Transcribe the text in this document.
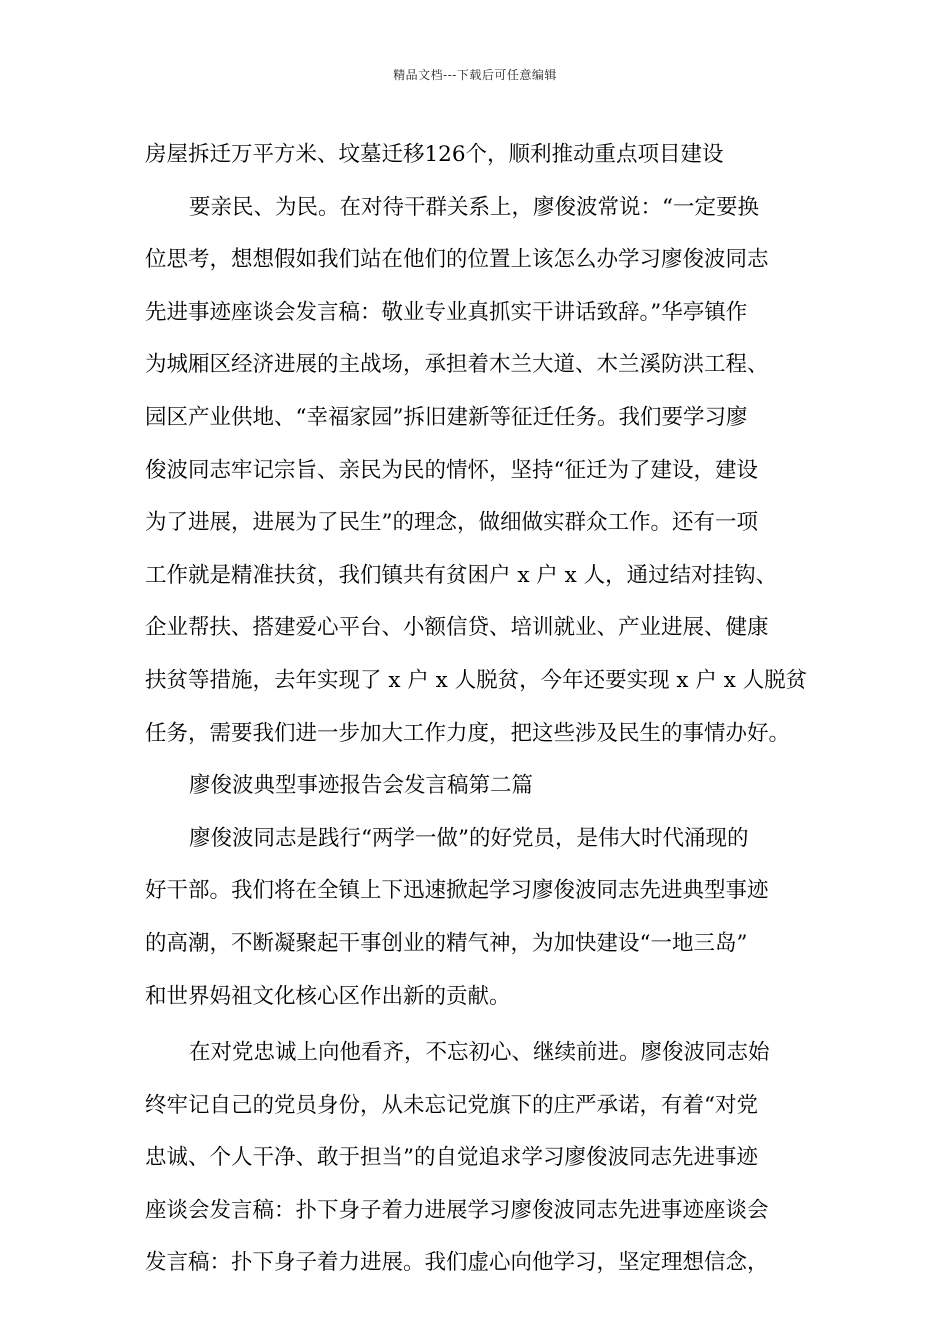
精品文档---下载后可任意编辑
房屋拆迁万平方米、坟墓迁移126个，顺利推动重点项目建设
要亲民、为民。在对待干群关系上，廖俊波常说：“一定要换
位思考，想想假如我们站在他们的位置上该怎么办学习廖俊波同志
先进事迹座谈会发言稿：敬业专业真抓实干讲话致辞。”华亭镇作
为城厢区经济进展的主战场，承担着木兰大道、木兰溪防洪工程、
园区产业供地、“幸福家园”拆旧建新等征迁任务。我们要学习廖
俊波同志牢记宗旨、亲民为民的情怀，坚持“征迁为了建设，建设
为了进展，进展为了民生”的理念，做细做实群众工作。还有一项
工作就是精准扶贫，我们镇共有贫困户 x 户 x 人，通过结对挂钩、
企业帮扶、搭建爱心平台、小额信贷、培训就业、产业进展、健康
扶贫等措施，去年实现了 x 户 x 人脱贫，今年还要实现 x 户 x 人脱贫
任务，需要我们进一步加大工作力度，把这些涉及民生的事情办好。
廖俊波典型事迹报告会发言稿第二篇
廖俊波同志是践行“两学一做”的好党员，是伟大时代涌现的
好干部。我们将在全镇上下迅速掀起学习廖俊波同志先进典型事迹
的高潮，不断凝聚起干事创业的精气神，为加快建设“一地三岛”
和世界妈祖文化核心区作出新的贡献。
在对党忠诚上向他看齐，不忘初心、继续前进。廖俊波同志始
终牢记自己的党员身份，从未忘记党旗下的庄严承诺，有着“对党
忠诚、个人干净、敢于担当”的自觉追求学习廖俊波同志先进事迹
座谈会发言稿：扑下身子着力进展学习廖俊波同志先进事迹座谈会
发言稿：扑下身子着力进展。我们虚心向他学习，坚定理想信念，
